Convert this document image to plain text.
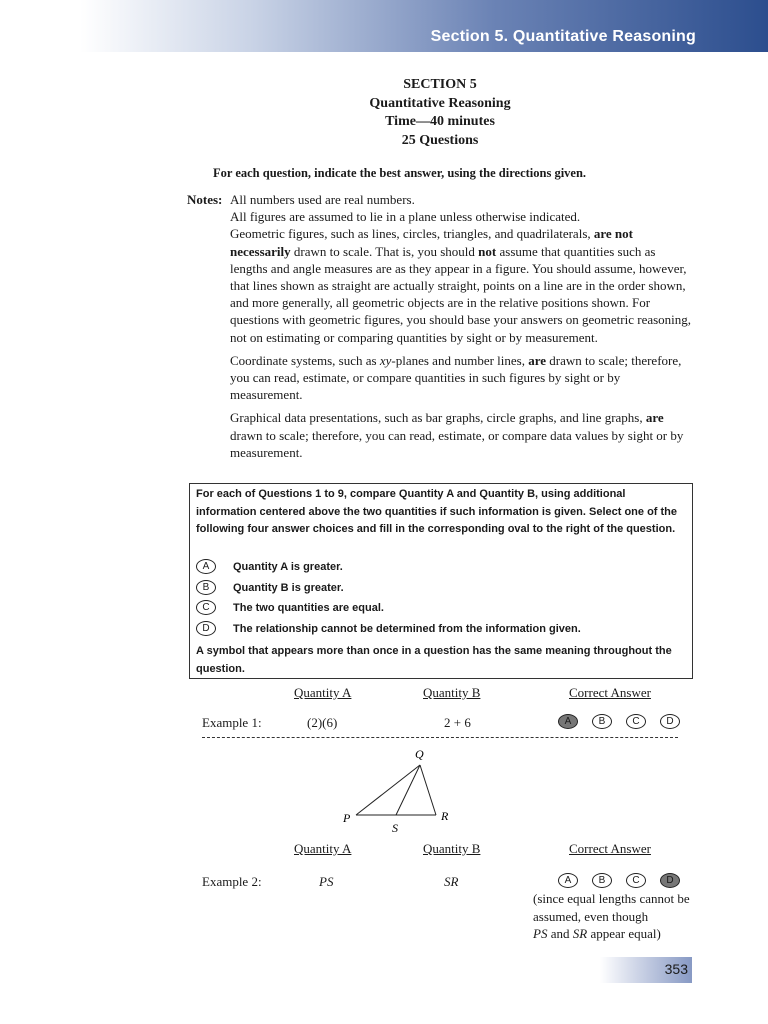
Section 5. Quantitative Reasoning
SECTION 5
Quantitative Reasoning
Time—40 minutes
25 Questions
For each question, indicate the best answer, using the directions given.
Notes: All numbers used are real numbers.
All figures are assumed to lie in a plane unless otherwise indicated.
Geometric figures, such as lines, circles, triangles, and quadrilaterals, are not necessarily drawn to scale. That is, you should not assume that quantities such as lengths and angle measures are as they appear in a figure. You should assume, however, that lines shown as straight are actually straight, points on a line are in the order shown, and more generally, all geometric objects are in the relative positions shown. For questions with geometric figures, you should base your answers on geometric reasoning, not on estimating or comparing quantities by sight or by measurement.
Coordinate systems, such as xy-planes and number lines, are drawn to scale; therefore, you can read, estimate, or compare quantities in such figures by sight or by measurement.
Graphical data presentations, such as bar graphs, circle graphs, and line graphs, are drawn to scale; therefore, you can read, estimate, or compare data values by sight or by measurement.
For each of Questions 1 to 9, compare Quantity A and Quantity B, using additional information centered above the two quantities if such information is given. Select one of the following four answer choices and fill in the corresponding oval to the right of the question.
A	Quantity A is greater.
B	Quantity B is greater.
C	The two quantities are equal.
D	The relationship cannot be determined from the information given.
A symbol that appears more than once in a question has the same meaning throughout the question.
Quantity A	Quantity B	Correct Answer
Example 1:	(2)(6)	2 + 6	A	B	C	D
Q
P
S
R
Quantity A	Quantity B	Correct Answer
Example 2:	PS	SR	A	B	C	D
(since equal lengths cannot be assumed, even though
PS and SR appear equal)
353
